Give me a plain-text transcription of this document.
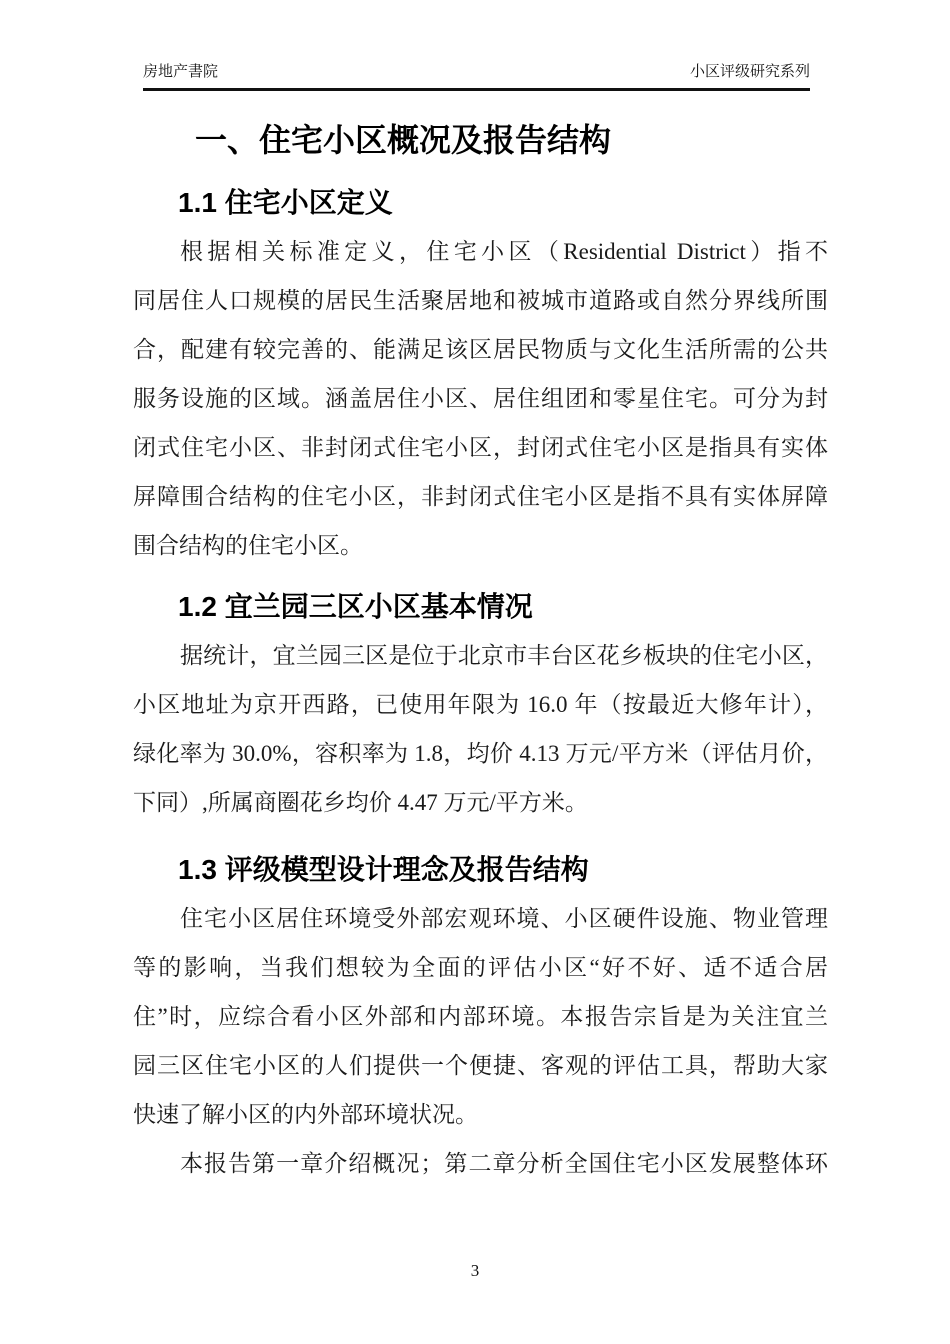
房地产書院	小区评级研究系列
一、住宅小区概况及报告结构
1.1 住宅小区定义
根据相关标准定义，住宅小区（Residential District）指不
同居住人口规模的居民生活聚居地和被城市道路或自然分界线所围
合，配建有较完善的、能满足该区居民物质与文化生活所需的公共
服务设施的区域。涵盖居住小区、居住组团和零星住宅。可分为封
闭式住宅小区、非封闭式住宅小区，封闭式住宅小区是指具有实体
屏障围合结构的住宅小区，非封闭式住宅小区是指不具有实体屏障
围合结构的住宅小区。
1.2 宜兰园三区小区基本情况
据统计，宜兰园三区是位于北京市丰台区花乡板块的住宅小区，
小区地址为京开西路，已使用年限为 16.0 年（按最近大修年计），
绿化率为 30.0%，容积率为 1.8，均价 4.13 万元/平方米（评估月价，
下同）,所属商圈花乡均价 4.47 万元/平方米。
1.3 评级模型设计理念及报告结构
住宅小区居住环境受外部宏观环境、小区硬件设施、物业管理
等的影响，当我们想较为全面的评估小区“好不好、适不适合居
住”时，应综合看小区外部和内部环境。本报告宗旨是为关注宜兰
园三区住宅小区的人们提供一个便捷、客观的评估工具，帮助大家
快速了解小区的内外部环境状况。
本报告第一章介绍概况；第二章分析全国住宅小区发展整体环
3
